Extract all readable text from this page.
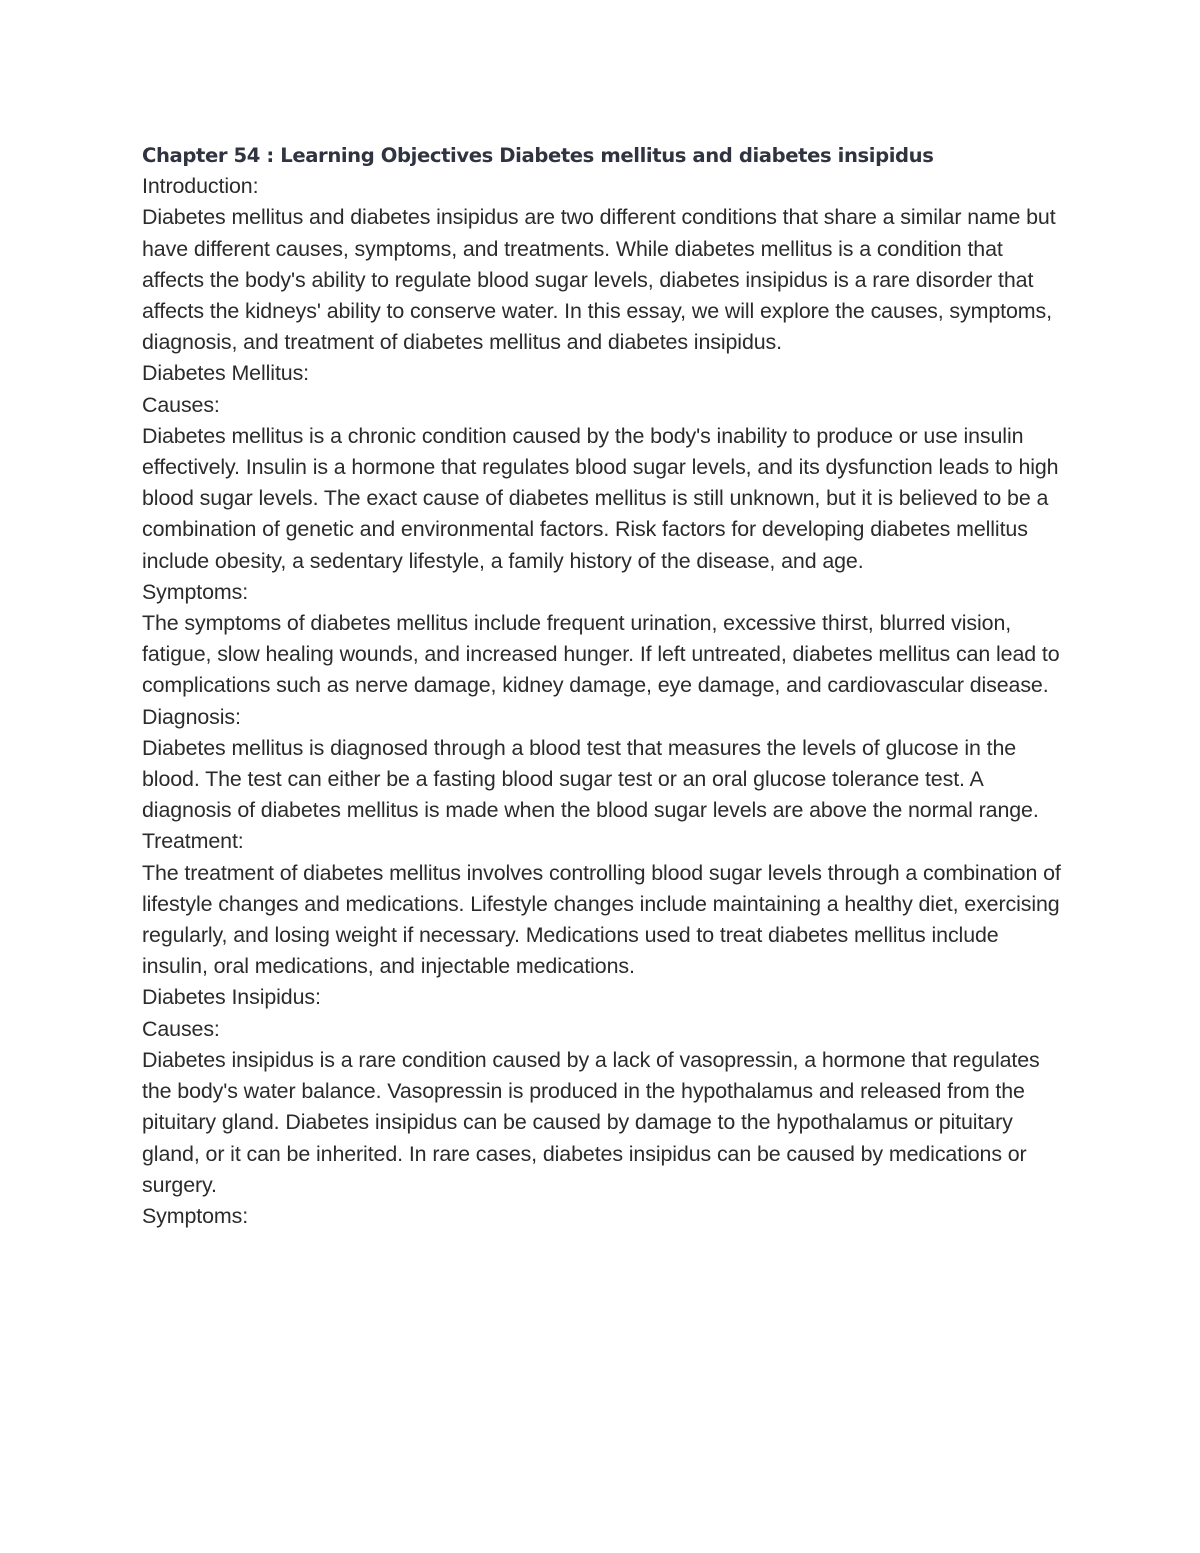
Chapter 54 : Learning Objectives Diabetes mellitus and diabetes insipidus

Introduction:

Diabetes mellitus and diabetes insipidus are two different conditions that share a similar name but have different causes, symptoms, and treatments. While diabetes mellitus is a condition that affects the body's ability to regulate blood sugar levels, diabetes insipidus is a rare disorder that affects the kidneys' ability to conserve water. In this essay, we will explore the causes, symptoms, diagnosis, and treatment of diabetes mellitus and diabetes insipidus.

Diabetes Mellitus:

Causes:

Diabetes mellitus is a chronic condition caused by the body's inability to produce or use insulin effectively. Insulin is a hormone that regulates blood sugar levels, and its dysfunction leads to high blood sugar levels. The exact cause of diabetes mellitus is still unknown, but it is believed to be a combination of genetic and environmental factors. Risk factors for developing diabetes mellitus include obesity, a sedentary lifestyle, a family history of the disease, and age.

Symptoms:

The symptoms of diabetes mellitus include frequent urination, excessive thirst, blurred vision, fatigue, slow healing wounds, and increased hunger. If left untreated, diabetes mellitus can lead to complications such as nerve damage, kidney damage, eye damage, and cardiovascular disease.

Diagnosis:

Diabetes mellitus is diagnosed through a blood test that measures the levels of glucose in the blood. The test can either be a fasting blood sugar test or an oral glucose tolerance test. A diagnosis of diabetes mellitus is made when the blood sugar levels are above the normal range.

Treatment:

The treatment of diabetes mellitus involves controlling blood sugar levels through a combination of lifestyle changes and medications. Lifestyle changes include maintaining a healthy diet, exercising regularly, and losing weight if necessary. Medications used to treat diabetes mellitus include insulin, oral medications, and injectable medications.

Diabetes Insipidus:

Causes:

Diabetes insipidus is a rare condition caused by a lack of vasopressin, a hormone that regulates the body's water balance. Vasopressin is produced in the hypothalamus and released from the pituitary gland. Diabetes insipidus can be caused by damage to the hypothalamus or pituitary gland, or it can be inherited. In rare cases, diabetes insipidus can be caused by medications or surgery.

Symptoms:
